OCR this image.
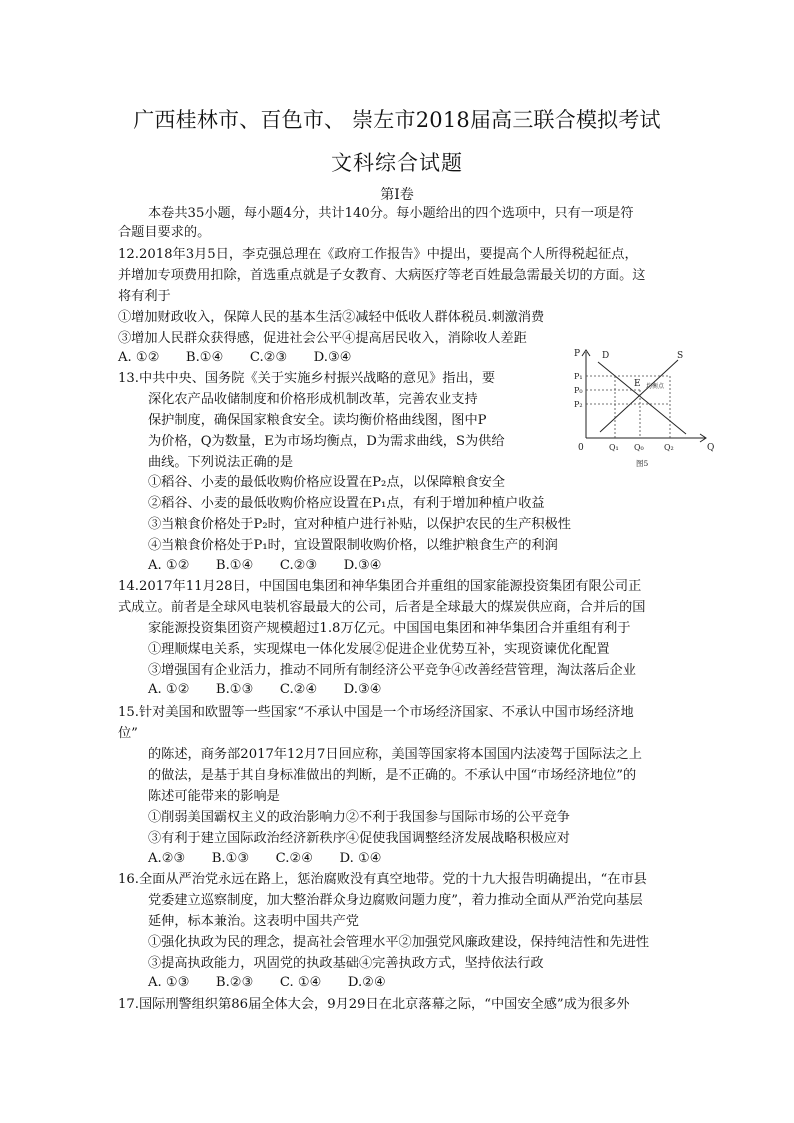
广西桂林市、百色市、 崇左市2018届高三联合模拟考试
文科综合试题
第Ⅰ卷
本卷共35小题，每小题4分，共计140分。每小题给出的四个选项中，只有一项是符
合题目要求的。
12.2018年3月5日，李克强总理在《政府工作报告》中提出，要提高个人所得税起征点，
并增加专项费用扣除，首选重点就是子女教育、大病医疗等老百姓最急需最关切的方面。这
将有利于
①增加财政收入，保障人民的基本生活②减轻中低收人群体税员.刺激消费
③增加人民群众获得感，促进社会公平④提高居民收入，消除收人差距
A. ①②　　B.①④　　C.②③　　D.③④
13.中共中央、国务院《关于实施乡村振兴战略的意见》指出，要
深化农产品收储制度和价格形成机制改革，完善农业支持
保护制度，确保国家粮食安全。读均衡价格曲线图，图中P
为价格，Q为数量，E为市场均衡点，D为需求曲线，S为供给
曲线。下列说法正确的是
①稻谷、小麦的最低收购价格应设置在P₂点，以保障粮食安全
②稻谷、小麦的最低收购价格应设置在P₁点，有利于增加种植户收益
③当粮食价格处于P₂时，宜对种植户进行补贴，以保护农民的生产积极性
④当粮食价格处于P₁时，宜设置限制收购价格，以维护粮食生产的利润
A. ①②　　B.①④　　C.②③　　D.③④
P
Q
0
D	S
E 均衡点
P₁
P₀
P₂
Q₁ Q₀	Q₂
图5
14.2017年11月28日，中国国电集团和神华集团合并重组的国家能源投资集团有限公司正
式成立。前者是全球风电装机容最最大的公司，后者是全球最大的煤炭供应商，合并后的国
家能源投资集团资产规模超过1.8万亿元。中国国电集团和神华集团合并重组有利于
①理顺煤电关系，实现煤电一体化发展②促进企业优势互补，实现资谏优化配置
③增强国有企业活力，推动不同所有制经济公平竞争④改善经营管理，淘汰落后企业
A. ①②　　B.①③　　C.②④　　D.③④
15.针对美国和欧盟等一些国家“不承认中国是一个市场经济国家、不承认中国市场经济地
位”
的陈述，商务部2017年12月7日回应称，美国等国家将本国国内法凌驾于国际法之上
的做法，是基于其自身标准做出的判断，是不正确的。不承认中国“市场经济地位”的
陈述可能带来的影响是
①削弱美国霸权主义的政治影响力②不利于我国参与国际市场的公平竞争
③有利于建立国际政治经济新秩序④促使我国调整经济发展战略积极应对
A.②③　　B.①③　　C.②④　　D. ①④
16.全面从严治党永远在路上，惩治腐败没有真空地带。党的十九大报告明确提出，“在市县
党委建立巡察制度，加大整治群众身边腐败问题力度”，着力推动全面从严治党向基层
延伸，标本兼治。这表明中国共产党
①强化执政为民的理念，提高社会管理水平②加强党风廉政建设，保持纯洁性和先进性
③提高执政能力，巩固党的执政基础④完善执政方式，坚持依法行政
A. ①③　　B.②③　　C. ①④　　D.②④
17.国际刑警组织第86届全体大会，9月29日在北京落幕之际，“中国安全感”成为很多外
